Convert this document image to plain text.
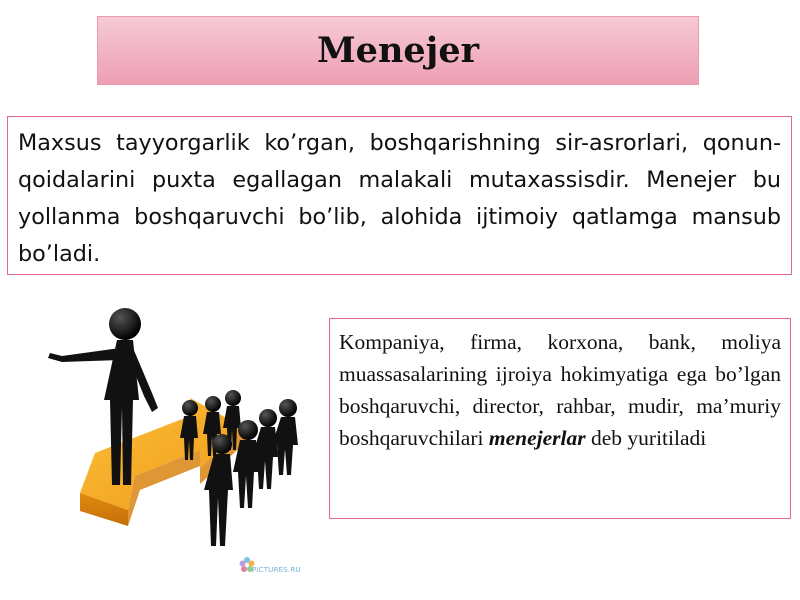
Menejer

Maxsus tayyorgarlik ko’rgan, boshqarishning sir-asrorlari, qonun-qoidalarini puxta egallagan malakali mutaxassisdir. Menejer bu yollanma boshqaruvchi bo’lib, alohida ijtimoiy qatlamga mansub bo’ladi.

Kompaniya, firma, korxona, bank, moliya muassasalarining ijroiya hokimyatiga ega bo’lgan boshqaruvchi, director, rahbar, mudir, ma’muriy boshqaruvchilari menejerlar deb yuritiladi

PICTURES.RU
